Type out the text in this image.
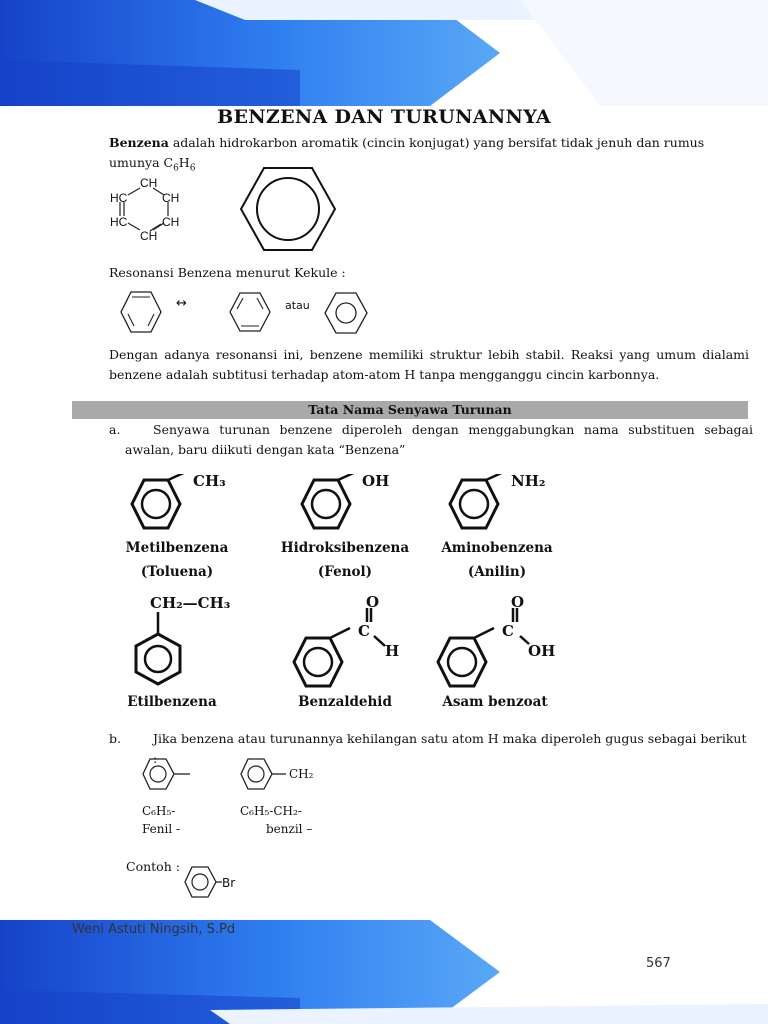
BENZENA DAN TURUNANNYA
Benzena adalah hidrokarbon aromatik (cincin konjugat) yang bersifat tidak jenuh dan rumus
umunya $C_6H_6$
CH
HC	CH
HC	CH
CH
Resonansi Benzena menurut Kekule :
↔	atau
Dengan adanya resonansi ini, benzene memiliki struktur lebih stabil. Reaksi yang umum dialami benzene adalah subtitusi terhadap atom-atom H tanpa mengganggu cincin karbonnya.
Tata Nama Senyawa Turunan
a.	Senyawa turunan benzene diperoleh dengan menggabungkan nama substituen sebagai awalan, baru diikuti dengan kata “Benzena”
CH₃	OH	NH₂
Metilbenzena
(Toluena)
Hidroksibenzena
(Fenol)
Aminobenzena
(Anilin)
CH₂—CH₃	O
C
H
O
C
OH
Etilbenzena	Benzaldehid	Asam benzoat
b.	Jika benzena atau turunannya kehilangan satu atom H maka diperoleh gugus sebagai berikut :
CH₂
C₆H₅-
Fenil -
C₆H₅-CH₂-
benzil –
Contoh :
Br
Weni Astuti Ningsih, S.Pd
567
